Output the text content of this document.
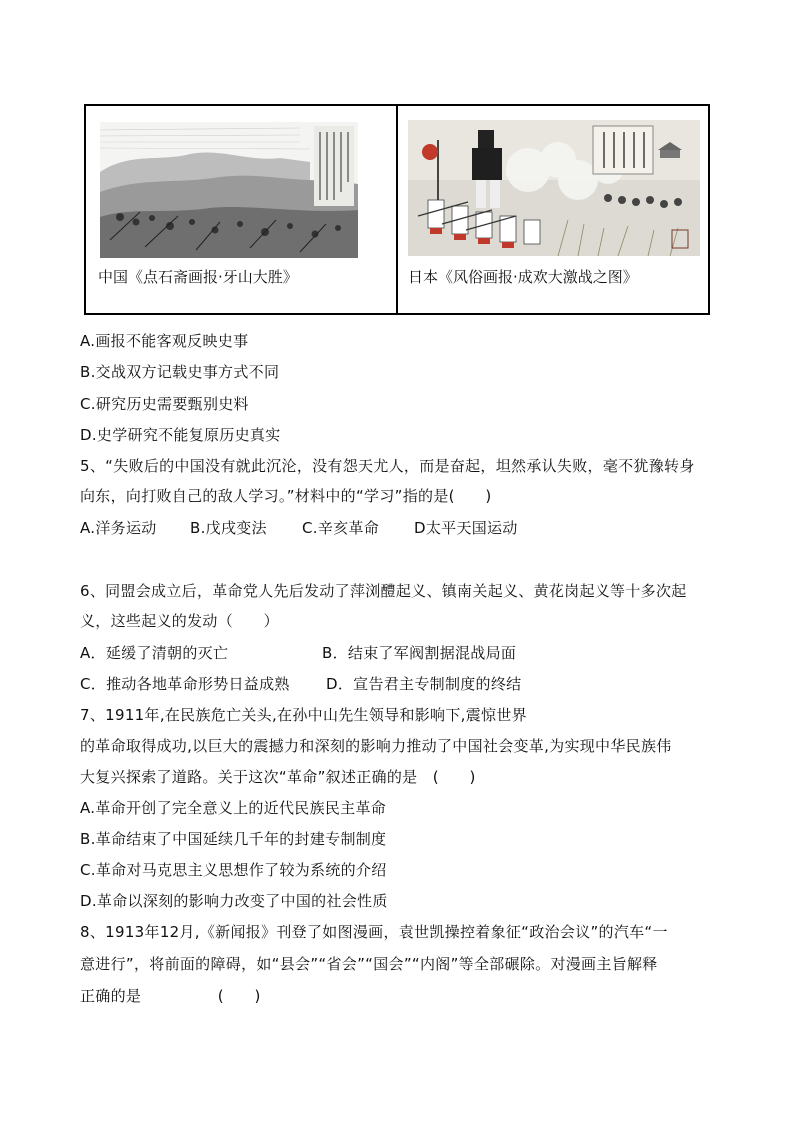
中国《点石斋画报·牙山大胜》	日本《风俗画报·成欢大激战之图》
A.画报不能客观反映史事
B.交战双方记载史事方式不同
C.研究历史需要甄别史料
D.史学研究不能复原历史真实
5、“失败后的中国没有就此沉沦，没有怨天尤人，而是奋起，坦然承认失败，毫不犹豫转身
向东，向打败自己的敌人学习。”材料中的“学习”指的是(　　)
A.洋务运动 B.戊戌变法 C.辛亥革命 D太平天国运动
6、同盟会成立后，革命党人先后发动了萍浏醴起义、镇南关起义、黄花岗起义等十多次起
义，这些起义的发动（　　）
A．延缓了清朝的灭亡	B．结束了军阀割据混战局面
C．推动各地革命形势日益成熟 D．宣告君主专制制度的终结
7、1911年,在民族危亡关头,在孙中山先生领导和影响下,震惊世界
的革命取得成功,以巨大的震撼力和深刻的影响力推动了中国社会变革,为实现中华民族伟
大复兴探索了道路。关于这次“革命”叙述正确的是　(　　)
A.革命开创了完全意义上的近代民族民主革命
B.革命结束了中国延续几千年的封建专制制度
C.革命对马克思主义思想作了较为系统的介绍
D.革命以深刻的影响力改变了中国的社会性质
8、1913年12月,《新闻报》刊登了如图漫画，袁世凯操控着象征“政治会议”的汽车“一
意进行”，将前面的障碍，如“县会”“省会”“国会”“内阁”等全部碾除。对漫画主旨解释
正确的是　　　　　(　　)
